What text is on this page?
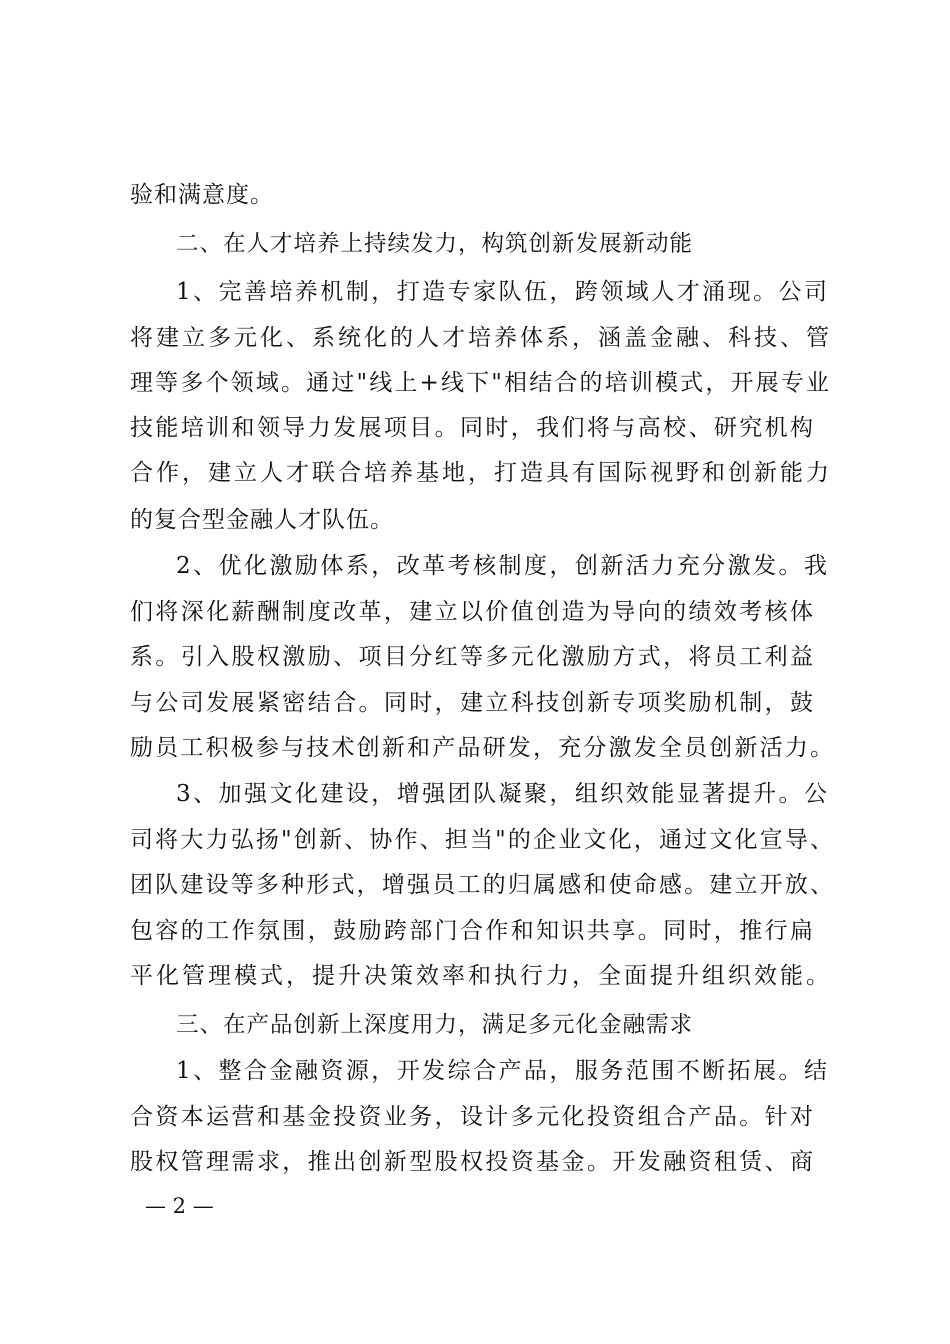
验和满意度。
二、在人才培养上持续发力，构筑创新发展新动能
1、完善培养机制，打造专家队伍，跨领域人才涌现。公司
将建立多元化、系统化的人才培养体系，涵盖金融、科技、管
理等多个领域。通过"线上+线下"相结合的培训模式，开展专业
技能培训和领导力发展项目。同时，我们将与高校、研究机构
合作，建立人才联合培养基地，打造具有国际视野和创新能力
的复合型金融人才队伍。
2、优化激励体系，改革考核制度，创新活力充分激发。我
们将深化薪酬制度改革，建立以价值创造为导向的绩效考核体
系。引入股权激励、项目分红等多元化激励方式，将员工利益
与公司发展紧密结合。同时，建立科技创新专项奖励机制，鼓
励员工积极参与技术创新和产品研发，充分激发全员创新活力。
3、加强文化建设，增强团队凝聚，组织效能显著提升。公
司将大力弘扬"创新、协作、担当"的企业文化，通过文化宣导、
团队建设等多种形式，增强员工的归属感和使命感。建立开放、
包容的工作氛围，鼓励跨部门合作和知识共享。同时，推行扁
平化管理模式，提升决策效率和执行力，全面提升组织效能。
三、在产品创新上深度用力，满足多元化金融需求
1、整合金融资源，开发综合产品，服务范围不断拓展。结
合资本运营和基金投资业务，设计多元化投资组合产品。针对
股权管理需求，推出创新型股权投资基金。开发融资租赁、商
— 2 —
